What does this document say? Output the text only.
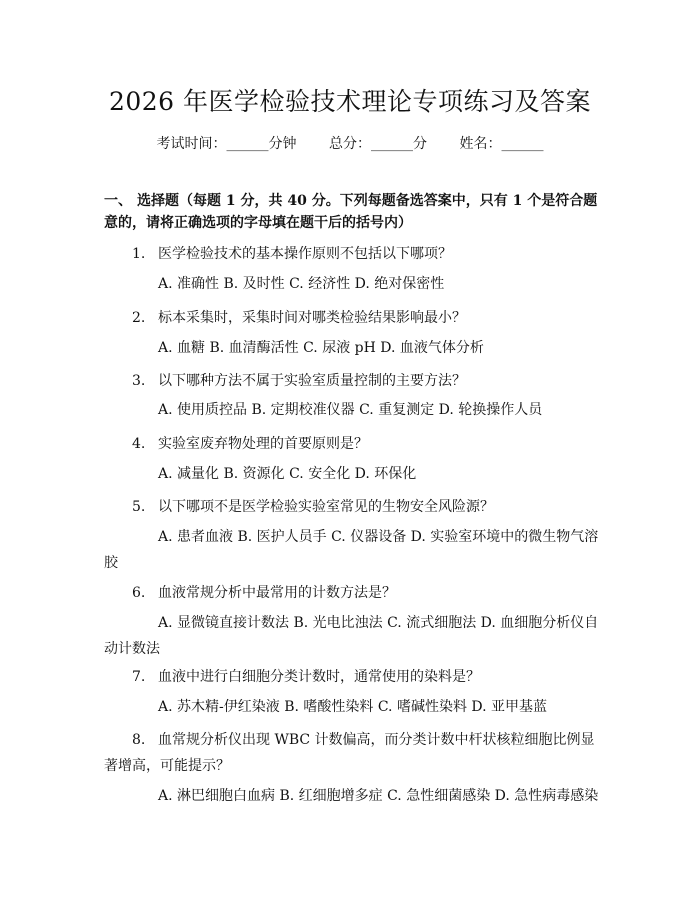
2026 年医学检验技术理论专项练习及答案
考试时间：______分钟 总分：______分 姓名：______
一、 选择题（每题 1 分，共 40 分。下列每题备选答案中，只有 1 个是符合题意的，请将正确选项的字母填在题干后的括号内）
1. 医学检验技术的基本操作原则不包括以下哪项？
A. 准确性 B. 及时性 C. 经济性 D. 绝对保密性
2. 标本采集时，采集时间对哪类检验结果影响最小？
A. 血糖 B. 血清酶活性 C. 尿液 pH D. 血液气体分析
3. 以下哪种方法不属于实验室质量控制的主要方法？
A. 使用质控品 B. 定期校准仪器 C. 重复测定 D. 轮换操作人员
4. 实验室废弃物处理的首要原则是？
A. 减量化 B. 资源化 C. 安全化 D. 环保化
5. 以下哪项不是医学检验实验室常见的生物安全风险源？
A. 患者血液 B. 医护人员手 C. 仪器设备 D. 实验室环境中的微生物气溶胶
6. 血液常规分析中最常用的计数方法是？
A. 显微镜直接计数法 B. 光电比浊法 C. 流式细胞法 D. 血细胞分析仪自动计数法
7. 血液中进行白细胞分类计数时，通常使用的染料是？
A. 苏木精-伊红染液 B. 嗜酸性染料 C. 嗜碱性染料 D. 亚甲基蓝
8. 血常规分析仪出现 WBC 计数偏高，而分类计数中杆状核粒细胞比例显著增高，可能提示？
A. 淋巴细胞白血病 B. 红细胞增多症 C. 急性细菌感染 D. 急性病毒感染
